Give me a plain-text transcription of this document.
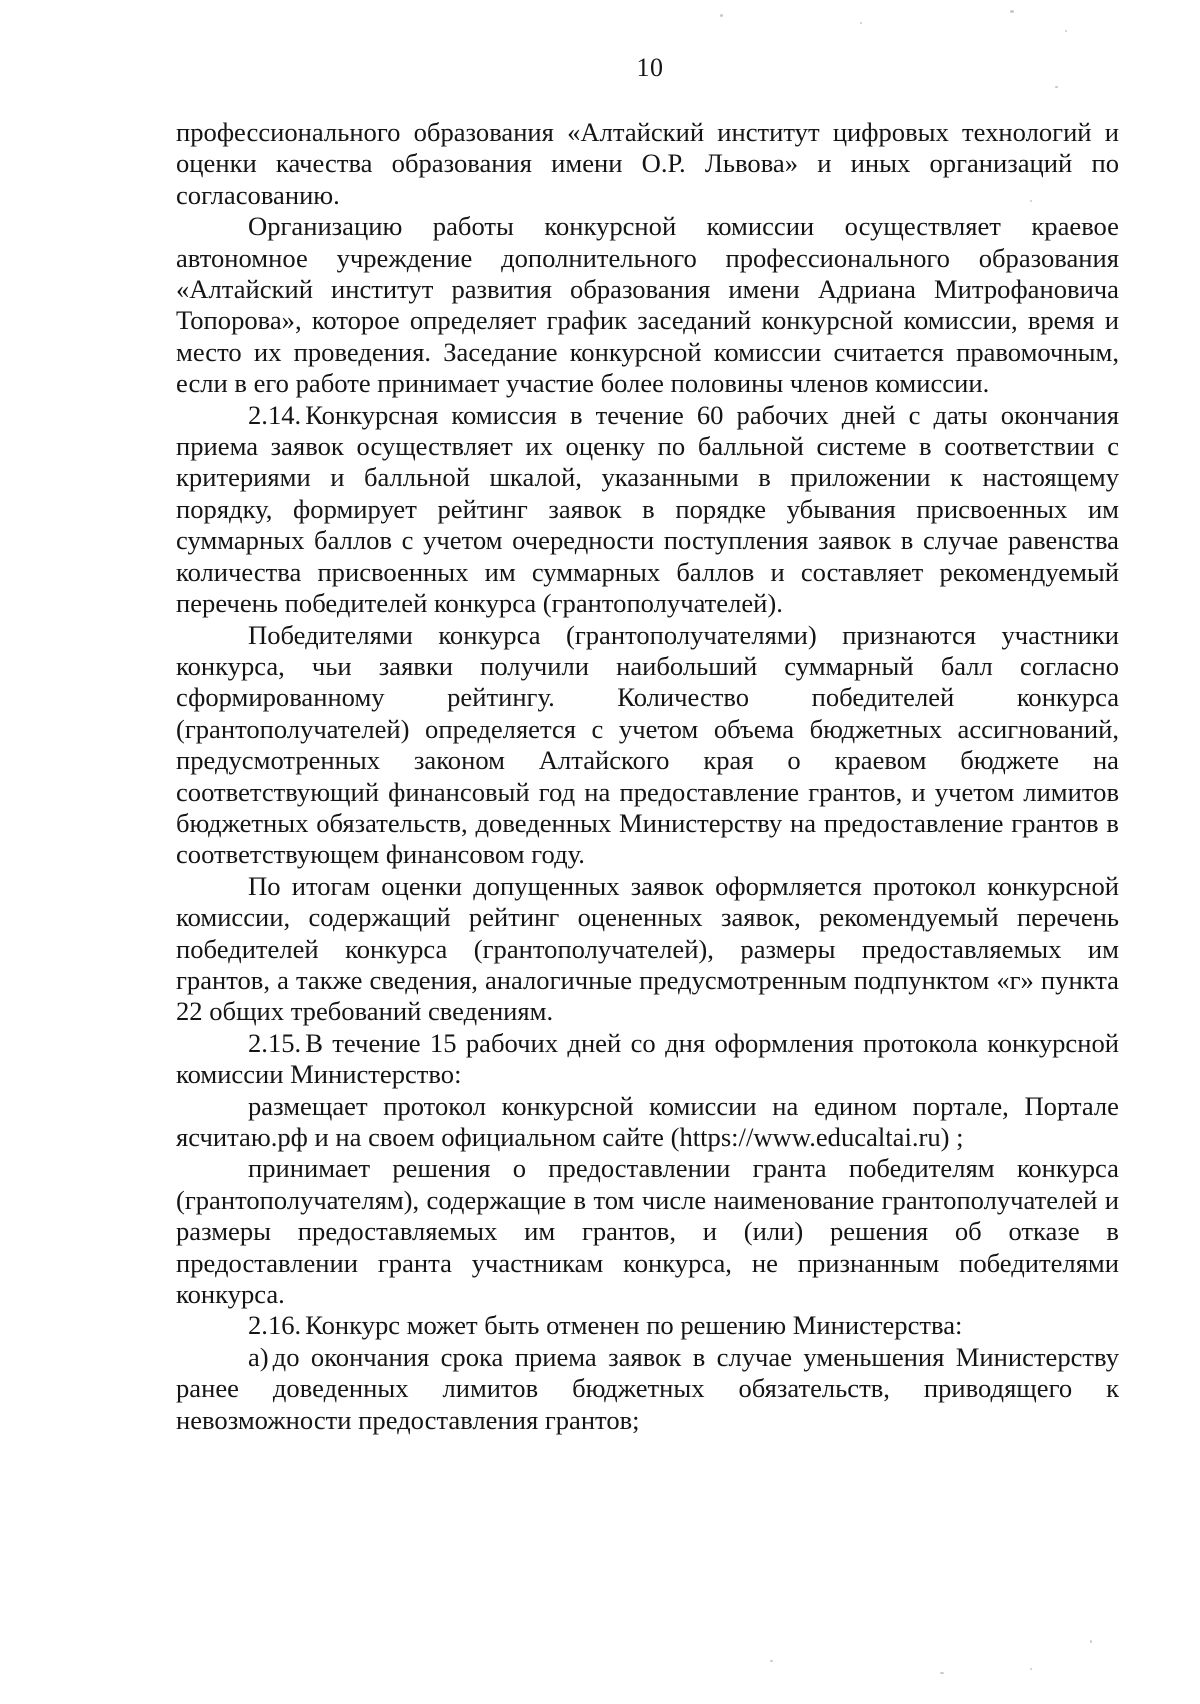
10

профессионального образования «Алтайский институт цифровых технологий и оценки качества образования имени О.Р. Львова» и иных организаций по согласованию.

Организацию работы конкурсной комиссии осуществляет краевое автономное учреждение дополнительного профессионального образования «Алтайский институт развития образования имени Адриана Митрофановича Топорова», которое определяет график заседаний конкурсной комиссии, время и место их проведения. Заседание конкурсной комиссии считается правомочным, если в его работе принимает участие более половины членов комиссии.

2.14. Конкурсная комиссия в течение 60 рабочих дней с даты окончания приема заявок осуществляет их оценку по балльной системе в соответствии с критериями и балльной шкалой, указанными в приложении к настоящему порядку, формирует рейтинг заявок в порядке убывания присвоенных им суммарных баллов с учетом очередности поступления заявок в случае равенства количества присвоенных им суммарных баллов и составляет рекомендуемый перечень победителей конкурса (грантополучателей).

Победителями конкурса (грантополучателями) признаются участники конкурса, чьи заявки получили наибольший суммарный балл согласно сформированному рейтингу. Количество победителей конкурса (грантополучателей) определяется с учетом объема бюджетных ассигнований, предусмотренных законом Алтайского края о краевом бюджете на соответствующий финансовый год на предоставление грантов, и учетом лимитов бюджетных обязательств, доведенных Министерству на предоставление грантов в соответствующем финансовом году.

По итогам оценки допущенных заявок оформляется протокол конкурсной комиссии, содержащий рейтинг оцененных заявок, рекомендуемый перечень победителей конкурса (грантополучателей), размеры предоставляемых им грантов, а также сведения, аналогичные предусмотренным подпунктом «г» пункта 22 общих требований сведениям.

2.15. В течение 15 рабочих дней со дня оформления протокола конкурсной комиссии Министерство:

размещает протокол конкурсной комиссии на едином портале, Портале ясчитаю.рф и на своем официальном сайте (https://www.educaltai.ru) ;

принимает решения о предоставлении гранта победителям конкурса (грантополучателям), содержащие в том числе наименование грантополучателей и размеры предоставляемых им грантов, и (или) решения об отказе в предоставлении гранта участникам конкурса, не признанным победителями конкурса.

2.16. Конкурс может быть отменен по решению Министерства:

а) до окончания срока приема заявок в случае уменьшения Министерству ранее доведенных лимитов бюджетных обязательств, приводящего к невозможности предоставления грантов;
